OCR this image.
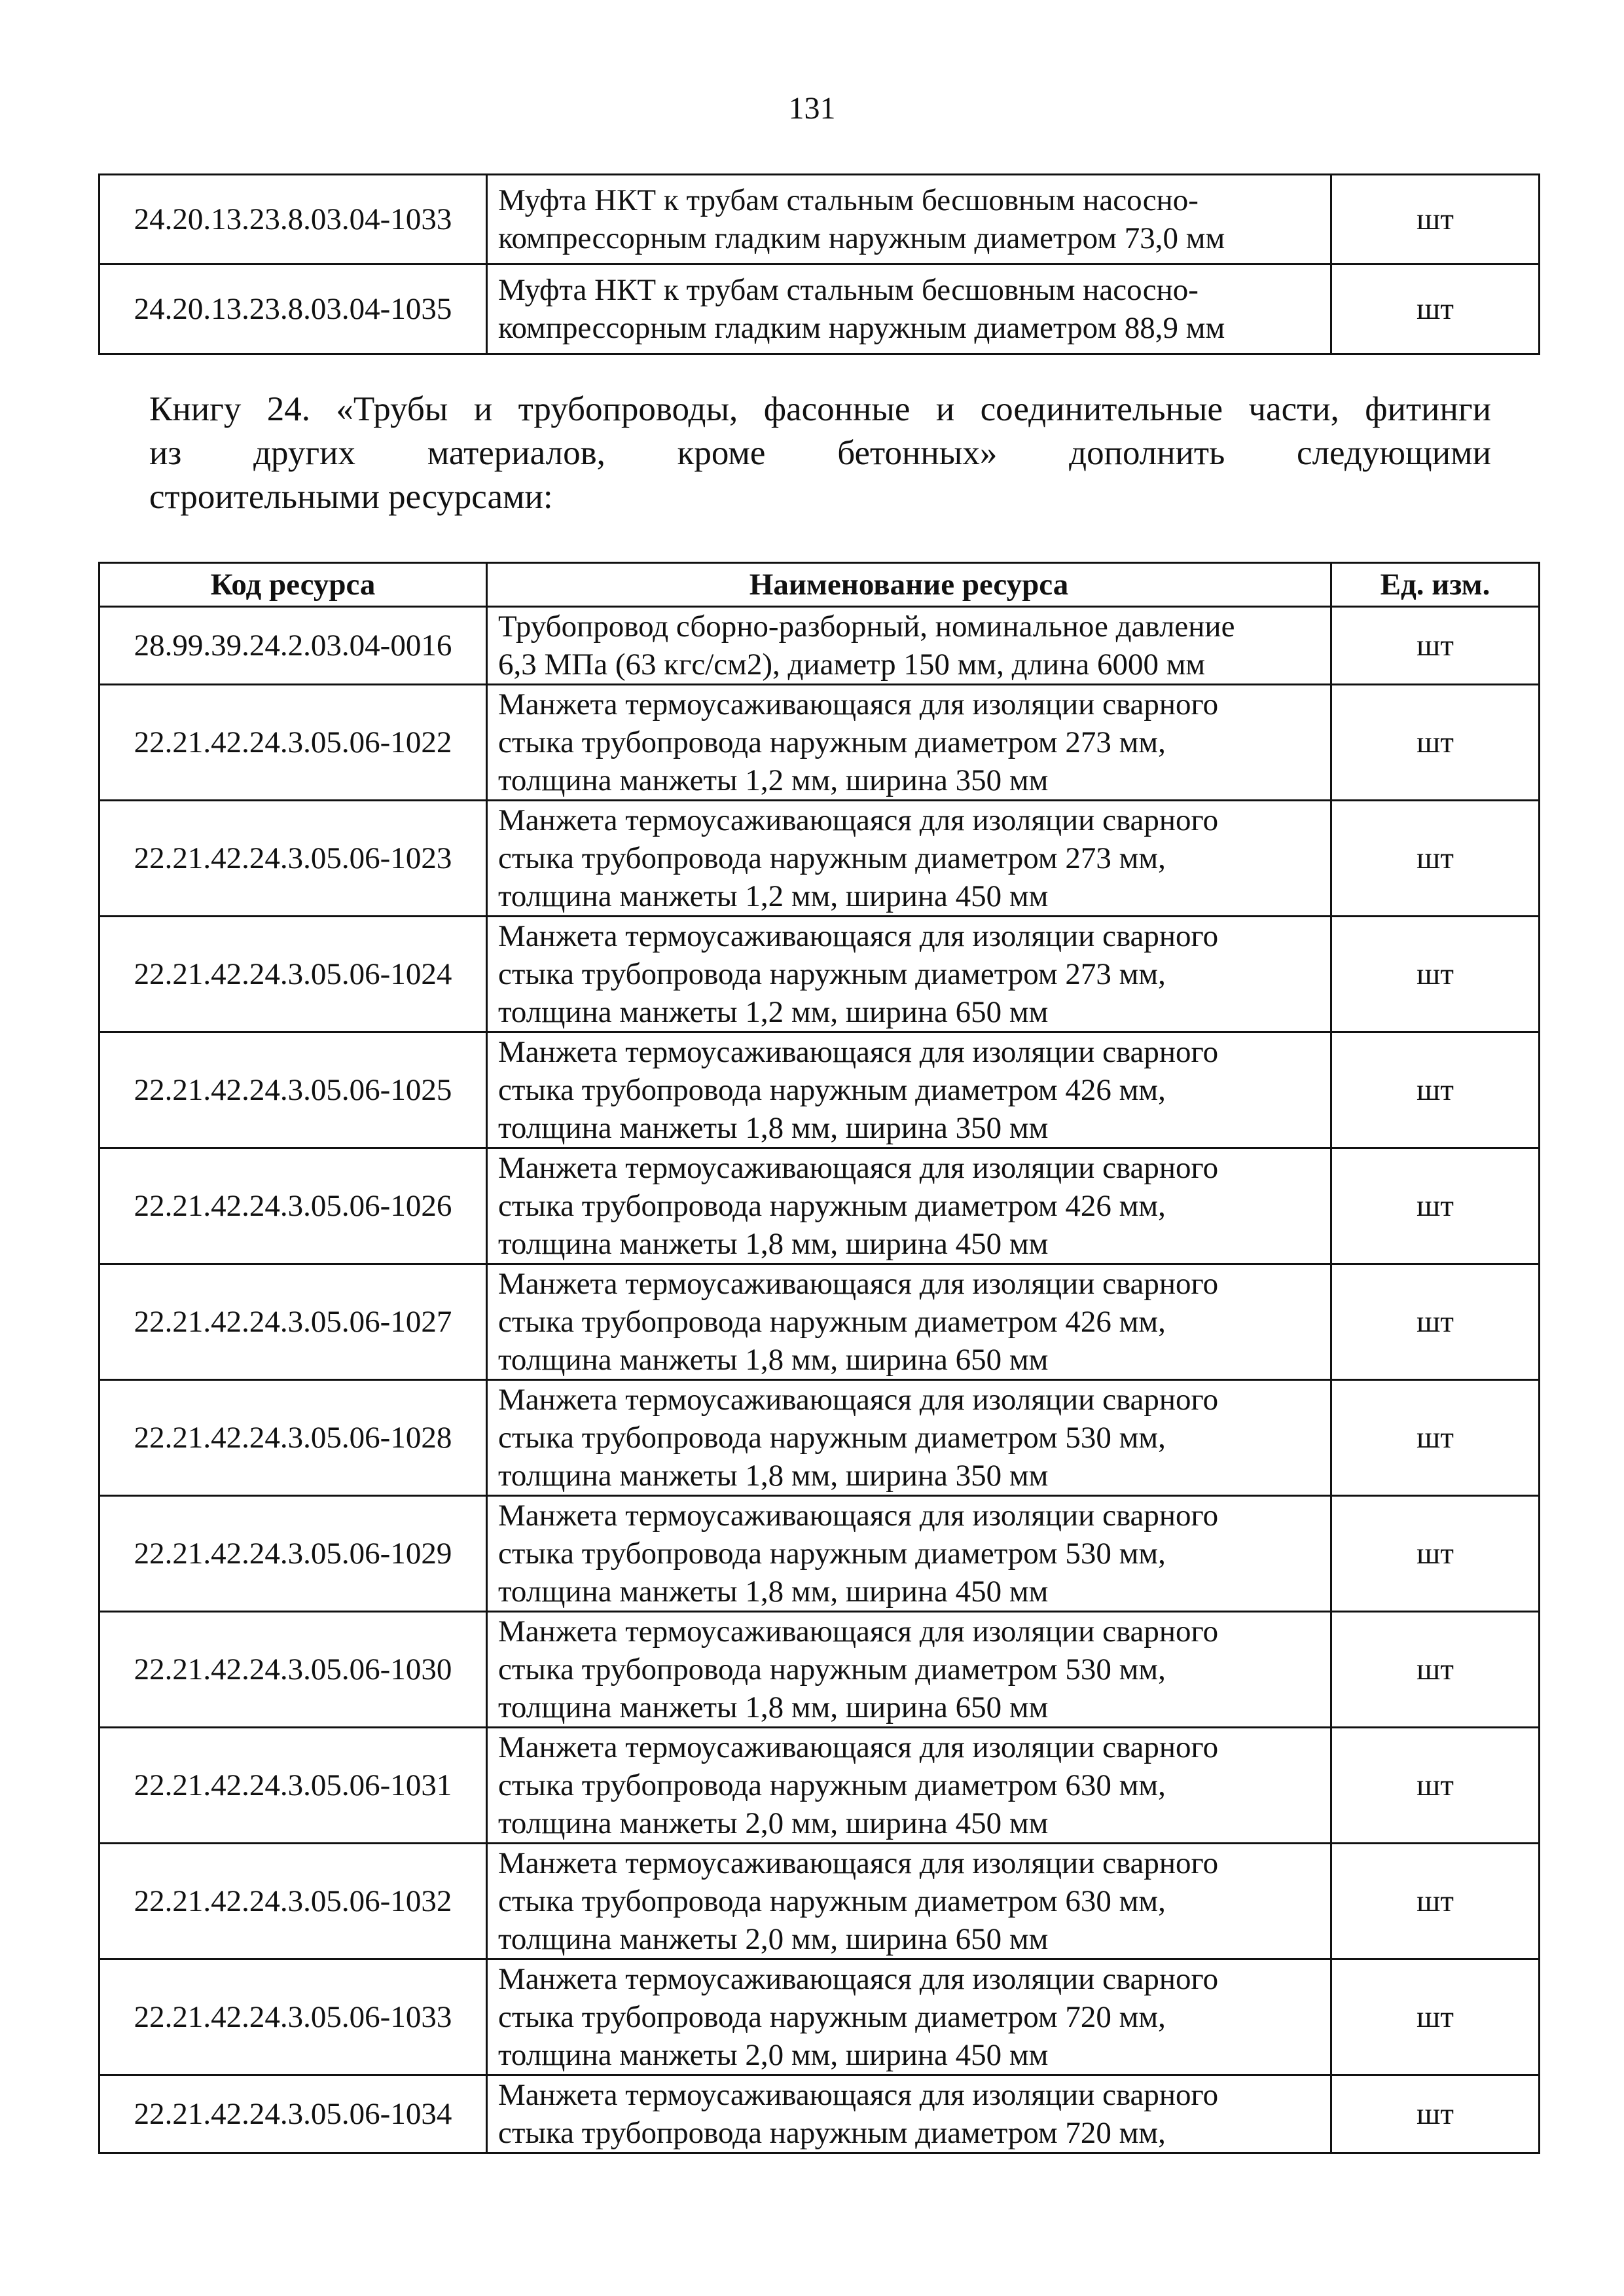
131
24.20.13.23.8.03.04-1033	Муфта НКТ к трубам стальным бесшовным насосно-
компрессорным гладким наружным диаметром 73,0 мм	шт
24.20.13.23.8.03.04-1035	Муфта НКТ к трубам стальным бесшовным насосно-
компрессорным гладким наружным диаметром 88,9 мм	шт
Книгу 24. «Трубы и трубопроводы, фасонные и соединительные части, фитинги
из других материалов, кроме бетонных» дополнить следующими
строительными ресурсами:
Код ресурса	Наименование ресурса	Ед. изм.
28.99.39.24.2.03.04-0016	Трубопровод сборно-разборный, номинальное давление
6,3 МПа (63 кгс/см2), диаметр 150 мм, длина 6000 мм	шт
22.21.42.24.3.05.06-1022	Манжета термоусаживающаяся для изоляции сварного
стыка трубопровода наружным диаметром 273 мм,
толщина манжеты 1,2 мм, ширина 350 мм	шт
22.21.42.24.3.05.06-1023	Манжета термоусаживающаяся для изоляции сварного
стыка трубопровода наружным диаметром 273 мм,
толщина манжеты 1,2 мм, ширина 450 мм	шт
22.21.42.24.3.05.06-1024	Манжета термоусаживающаяся для изоляции сварного
стыка трубопровода наружным диаметром 273 мм,
толщина манжеты 1,2 мм, ширина 650 мм	шт
22.21.42.24.3.05.06-1025	Манжета термоусаживающаяся для изоляции сварного
стыка трубопровода наружным диаметром 426 мм,
толщина манжеты 1,8 мм, ширина 350 мм	шт
22.21.42.24.3.05.06-1026	Манжета термоусаживающаяся для изоляции сварного
стыка трубопровода наружным диаметром 426 мм,
толщина манжеты 1,8 мм, ширина 450 мм	шт
22.21.42.24.3.05.06-1027	Манжета термоусаживающаяся для изоляции сварного
стыка трубопровода наружным диаметром 426 мм,
толщина манжеты 1,8 мм, ширина 650 мм	шт
22.21.42.24.3.05.06-1028	Манжета термоусаживающаяся для изоляции сварного
стыка трубопровода наружным диаметром 530 мм,
толщина манжеты 1,8 мм, ширина 350 мм	шт
22.21.42.24.3.05.06-1029	Манжета термоусаживающаяся для изоляции сварного
стыка трубопровода наружным диаметром 530 мм,
толщина манжеты 1,8 мм, ширина 450 мм	шт
22.21.42.24.3.05.06-1030	Манжета термоусаживающаяся для изоляции сварного
стыка трубопровода наружным диаметром 530 мм,
толщина манжеты 1,8 мм, ширина 650 мм	шт
22.21.42.24.3.05.06-1031	Манжета термоусаживающаяся для изоляции сварного
стыка трубопровода наружным диаметром 630 мм,
толщина манжеты 2,0 мм, ширина 450 мм	шт
22.21.42.24.3.05.06-1032	Манжета термоусаживающаяся для изоляции сварного
стыка трубопровода наружным диаметром 630 мм,
толщина манжеты 2,0 мм, ширина 650 мм	шт
22.21.42.24.3.05.06-1033	Манжета термоусаживающаяся для изоляции сварного
стыка трубопровода наружным диаметром 720 мм,
толщина манжеты 2,0 мм, ширина 450 мм	шт
22.21.42.24.3.05.06-1034	Манжета термоусаживающаяся для изоляции сварного
стыка трубопровода наружным диаметром 720 мм,	шт
